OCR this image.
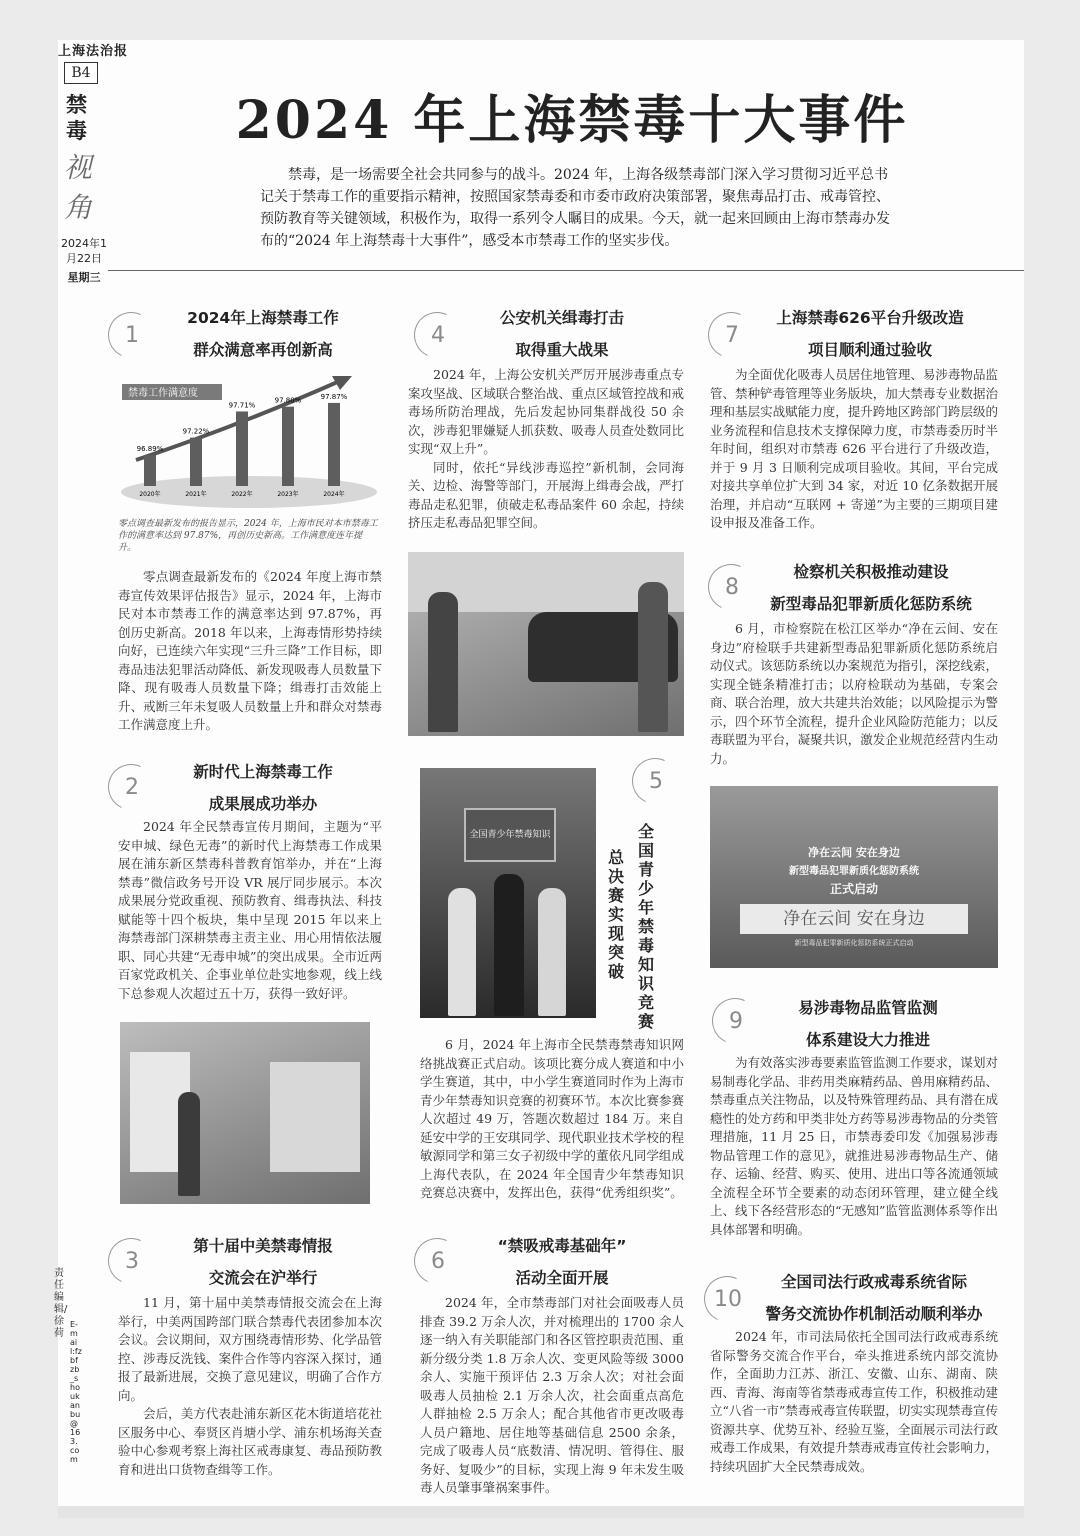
上海法治报
B4
禁毒
视角
2024年1月22日
星期三
责任编辑/徐荷
E-mail:fzbfzb_shoukanbu@163.com
2024 年上海禁毒十大事件
禁毒，是一场需要全社会共同参与的战斗。2024 年，上海各级禁毒部门深入学习贯彻习近平总书记关于禁毒工作的重要指示精神，按照国家禁毒委和市委市政府决策部署，聚焦毒品打击、戒毒管控、预防教育等关键领域，积极作为，取得一系列令人瞩目的成果。今天，就一起来回顾由上海市禁毒办发布的“2024 年上海禁毒十大事件”，感受本市禁毒工作的坚实步伐。
1
2024年上海禁毒工作
群众满意率再创新高
禁毒工作满意度
96.89%
2020年
97.22%
2021年
97.71%
2022年
97.80%
2023年
97.87%
2024年
零点调查最新发布的报告显示，2024 年，上海市民对本市禁毒工作的满意率达到 97.87%，再创历史新高。工作满意度连年提升。

零点调查最新发布的《2024 年度上海市禁毒宣传效果评估报告》显示，2024 年，上海市民对本市禁毒工作的满意率达到 97.87%，再创历史新高。2018 年以来，上海毒情形势持续向好，已连续六年实现“三升三降”工作目标，即毒品违法犯罪活动降低、新发现吸毒人员数量下降、现有吸毒人员数量下降；缉毒打击效能上升、戒断三年未复吸人员数量上升和群众对禁毒工作满意度上升。

2
新时代上海禁毒工作
成果展成功举办

2024 年全民禁毒宣传月期间，主题为“平安申城、绿色无毒”的新时代上海禁毒工作成果展在浦东新区禁毒科普教育馆举办，并在“上海禁毒”微信政务号开设 VR 展厅同步展示。本次成果展分党政重视、预防教育、缉毒执法、科技赋能等十四个板块，集中呈现 2015 年以来上海禁毒部门深耕禁毒主责主业、用心用情依法履职、同心共建“无毒申城”的突出成果。全市近两百家党政机关、企事业单位赴实地参观，线上线下总参观人次超过五十万，获得一致好评。

3
第十届中美禁毒情报
交流会在沪举行

11 月，第十届中美禁毒情报交流会在上海举行，中美两国跨部门联合禁毒代表团参加本次会议。会议期间，双方围绕毒情形势、化学品管控、涉毒反洗钱、案件合作等内容深入探讨，通报了最新进展，交换了意见建议，明确了合作方向。

会后，美方代表赴浦东新区花木街道培花社区服务中心、奉贤区肖塘小学、浦东机场海关查验中心参观考察上海社区戒毒康复、毒品预防教育和进出口货物查缉等工作。

4
公安机关缉毒打击
取得重大战果

2024 年，上海公安机关严厉开展涉毒重点专案攻坚战、区域联合整治战、重点区域管控战和戒毒场所防治理战，先后发起协同集群战役 50 余次，涉毒犯罪嫌疑人抓获数、吸毒人员查处数同比实现“双上升”。

同时，依托“异线涉毒巡控”新机制，会同海关、边检、海警等部门，开展海上缉毒会战，严打毒品走私犯罪，侦破走私毒品案件 60 余起，持续挤压走私毒品犯罪空间。

全国青少年禁毒知识
5
全国青少年禁毒知识竞赛
总决赛实现突破

6 月，2024 年上海市全民禁毒禁毒知识网络挑战赛正式启动。该项比赛分成人赛道和中小学生赛道，其中，中小学生赛道同时作为上海市青少年禁毒知识竞赛的初赛环节。本次比赛参赛人次超过 49 万，答题次数超过 184 万。来自延安中学的王安琪同学、现代职业技术学校的程敏源同学和第三女子初级中学的董依凡同学组成上海代表队，在 2024 年全国青少年禁毒知识竞赛总决赛中，发挥出色，获得“优秀组织奖”。

6
“禁吸戒毒基础年”
活动全面开展

2024 年，全市禁毒部门对社会面吸毒人员排查 39.2 万余人次，并对梳理出的 1700 余人逐一纳入有关职能部门和各区管控职责范围、重新分级分类 1.8 万余人次、变更风险等级 3000 余人、实施干预评估 2.3 万余人次；对社会面吸毒人员抽检 2.1 万余人次，社会面重点高危人群抽检 2.5 万余人；配合其他省市更改吸毒人员户籍地、居住地等基础信息 2500 余条，完成了吸毒人员“底数清、情况明、管得住、服务好、复吸少”的目标，实现上海 9 年未发生吸毒人员肇事肇祸案事件。

7
上海禁毒626平台升级改造
项目顺利通过验收

为全面优化吸毒人员居住地管理、易涉毒物品监管、禁种铲毒管理等业务版块，加大禁毒专业数据治理和基层实战赋能力度，提升跨地区跨部门跨层级的业务流程和信息技术支撑保障力度，市禁毒委历时半年时间，组织对市禁毒 626 平台进行了升级改造，并于 9 月 3 日顺利完成项目验收。其间，平台完成对接共享单位扩大到 34 家，对近 10 亿条数据开展治理，并启动“互联网 + 寄递”为主要的三期项目建设申报及准备工作。

8
检察机关积极推动建设
新型毒品犯罪新质化惩防系统

6 月，市检察院在松江区举办“净在云间、安在身边”府检联手共建新型毒品犯罪新质化惩防系统启动仪式。该惩防系统以办案规范为指引，深挖线索，实现全链条精准打击；以府检联动为基础，专案会商、联合治理，放大共建共治效能；以风险提示为警示，四个环节全流程，提升企业风险防范能力；以反毒联盟为平台，凝聚共识，激发企业规范经营内生动力。

净在云间 安在身边
新型毒品犯罪新质化惩防系统
正式启动
净在云间 安在身边
新型毒品犯罪新质化惩防系统正式启动
9
易涉毒物品监管监测
体系建设大力推进

为有效落实涉毒要素监管监测工作要求，谋划对易制毒化学品、非药用类麻精药品、兽用麻精药品、禁毒重点关注物品，以及特殊管理药品、具有潜在成瘾性的处方药和甲类非处方药等易涉毒物品的分类管理措施，11 月 25 日，市禁毒委印发《加强易涉毒物品管理工作的意见》，就推进易涉毒物品生产、储存、运输、经营、购买、使用、进出口等各流通领域全流程全环节全要素的动态闭环管理，建立健全线上、线下各经营形态的“无感知”监管监测体系等作出具体部署和明确。

10
全国司法行政戒毒系统省际
警务交流协作机制活动顺利举办

2024 年，市司法局依托全国司法行政戒毒系统省际警务交流合作平台，牵头推进系统内部交流协作，全面助力江苏、浙江、安徽、山东、湖南、陕西、青海、海南等省禁毒戒毒宣传工作，积极推动建立“八省一市”禁毒戒毒宣传联盟，切实实现禁毒宣传资源共享、优势互补、经验互鉴，全面展示司法行政戒毒工作成果，有效提升禁毒戒毒宣传社会影响力，持续巩固扩大全民禁毒成效。
